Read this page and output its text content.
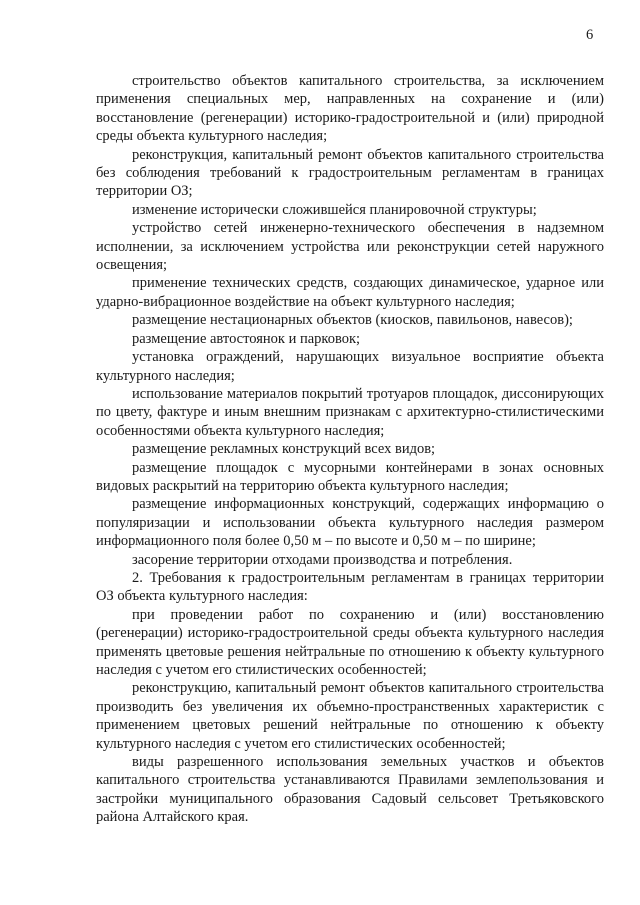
6

строительство объектов капитального строительства, за исключением применения специальных мер, направленных на сохранение и (или) восстановление (регенерации) историко-градостроительной и (или) природной среды объекта культурного наследия;

реконструкция, капитальный ремонт объектов капитального строительства без соблюдения требований к градостроительным регламентам в границах территории ОЗ;

изменение исторически сложившейся планировочной структуры;

устройство сетей инженерно-технического обеспечения в надземном исполнении, за исключением устройства или реконструкции сетей наружного освещения;

применение технических средств, создающих динамическое, ударное или ударно-вибрационное воздействие на объект культурного наследия;

размещение нестационарных объектов (киосков, павильонов, навесов);

размещение автостоянок и парковок;

установка ограждений, нарушающих визуальное восприятие объекта культурного наследия;

использование материалов покрытий тротуаров площадок, диссонирующих по цвету, фактуре и иным внешним признакам с архитектурно-стилистическими особенностями объекта культурного наследия;

размещение рекламных конструкций всех видов;

размещение площадок с мусорными контейнерами в зонах основных видовых раскрытий на территорию объекта культурного наследия;

размещение информационных конструкций, содержащих информацию о популяризации и использовании объекта культурного наследия размером информационного поля более 0,50 м – по высоте и 0,50 м – по ширине;

засорение территории отходами производства и потребления.

2. Требования к градостроительным регламентам в границах территории ОЗ объекта культурного наследия:

при проведении работ по сохранению и (или) восстановлению (регенерации) историко-градостроительной среды объекта культурного наследия применять цветовые решения нейтральные по отношению к объекту культурного наследия с учетом его стилистических особенностей;

реконструкцию, капитальный ремонт объектов капитального строительства производить без увеличения их объемно-пространственных характеристик с применением цветовых решений нейтральные по отношению к объекту культурного наследия с учетом его стилистических особенностей;

виды разрешенного использования земельных участков и объектов капитального строительства устанавливаются Правилами землепользования и застройки муниципального образования Садовый сельсовет Третьяковского района Алтайского края.
